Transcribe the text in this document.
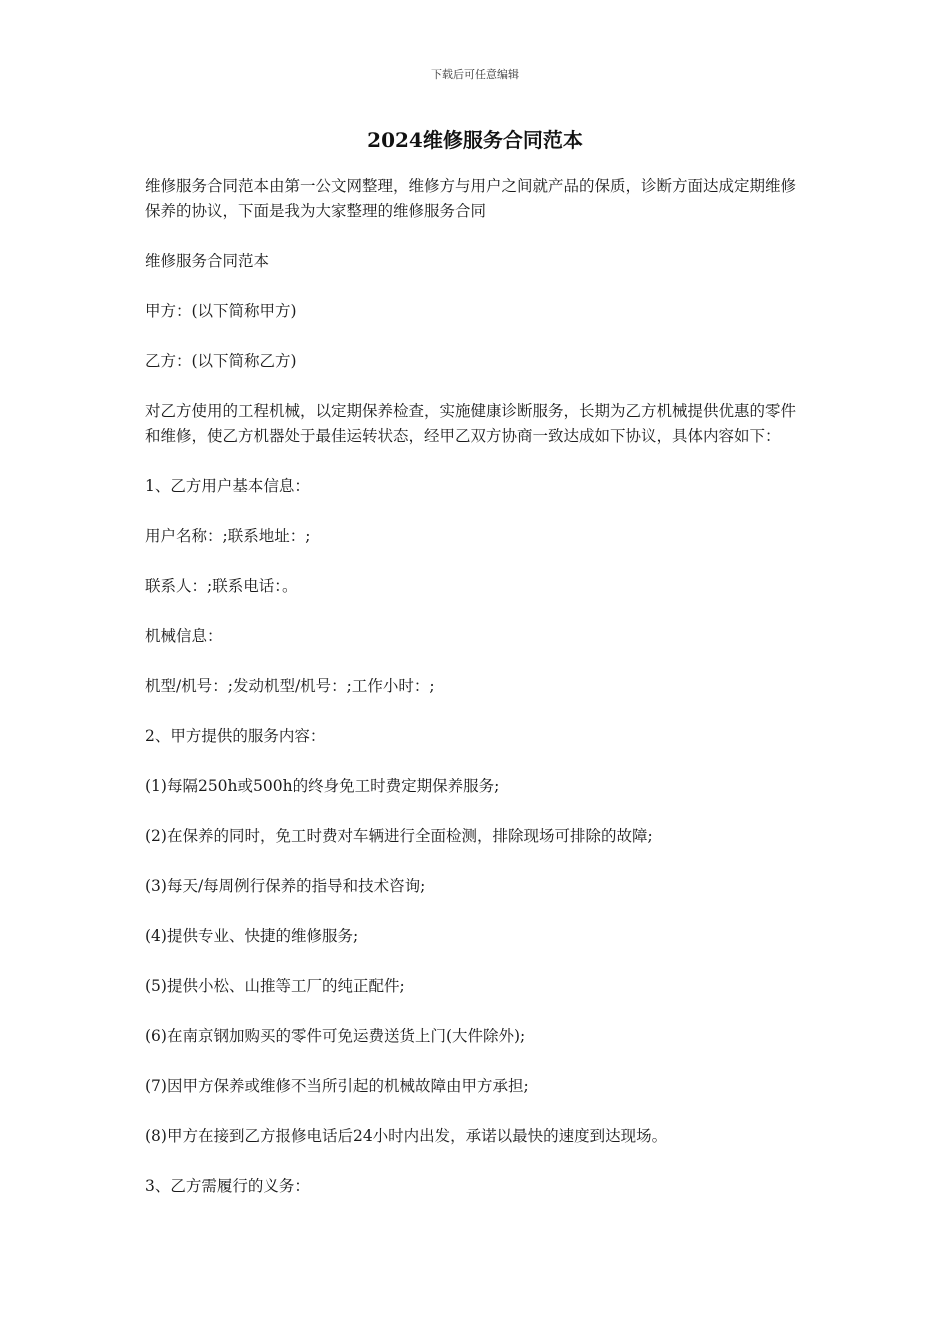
下载后可任意编辑
2024维修服务合同范本

维修服务合同范本由第一公文网整理，维修方与用户之间就产品的保质，诊断方面达成定期维修保养的协议，下面是我为大家整理的维修服务合同

维修服务合同范本

甲方：(以下简称甲方)

乙方：(以下简称乙方)

对乙方使用的工程机械，以定期保养检查，实施健康诊断服务，长期为乙方机械提供优惠的零件和维修，使乙方机器处于最佳运转状态，经甲乙双方协商一致达成如下协议，具体内容如下：

1、乙方用户基本信息：

用户名称：;联系地址：;

联系人：;联系电话：。

机械信息：

机型/机号：;发动机型/机号：;工作小时：;

2、甲方提供的服务内容：

(1)每隔250h或500h的终身免工时费定期保养服务;

(2)在保养的同时，免工时费对车辆进行全面检测，排除现场可排除的故障;

(3)每天/每周例行保养的指导和技术咨询;

(4)提供专业、快捷的维修服务;

(5)提供小松、山推等工厂的纯正配件;

(6)在南京钢加购买的零件可免运费送货上门(大件除外);

(7)因甲方保养或维修不当所引起的机械故障由甲方承担;

(8)甲方在接到乙方报修电话后24小时内出发，承诺以最快的速度到达现场。

3、乙方需履行的义务：
